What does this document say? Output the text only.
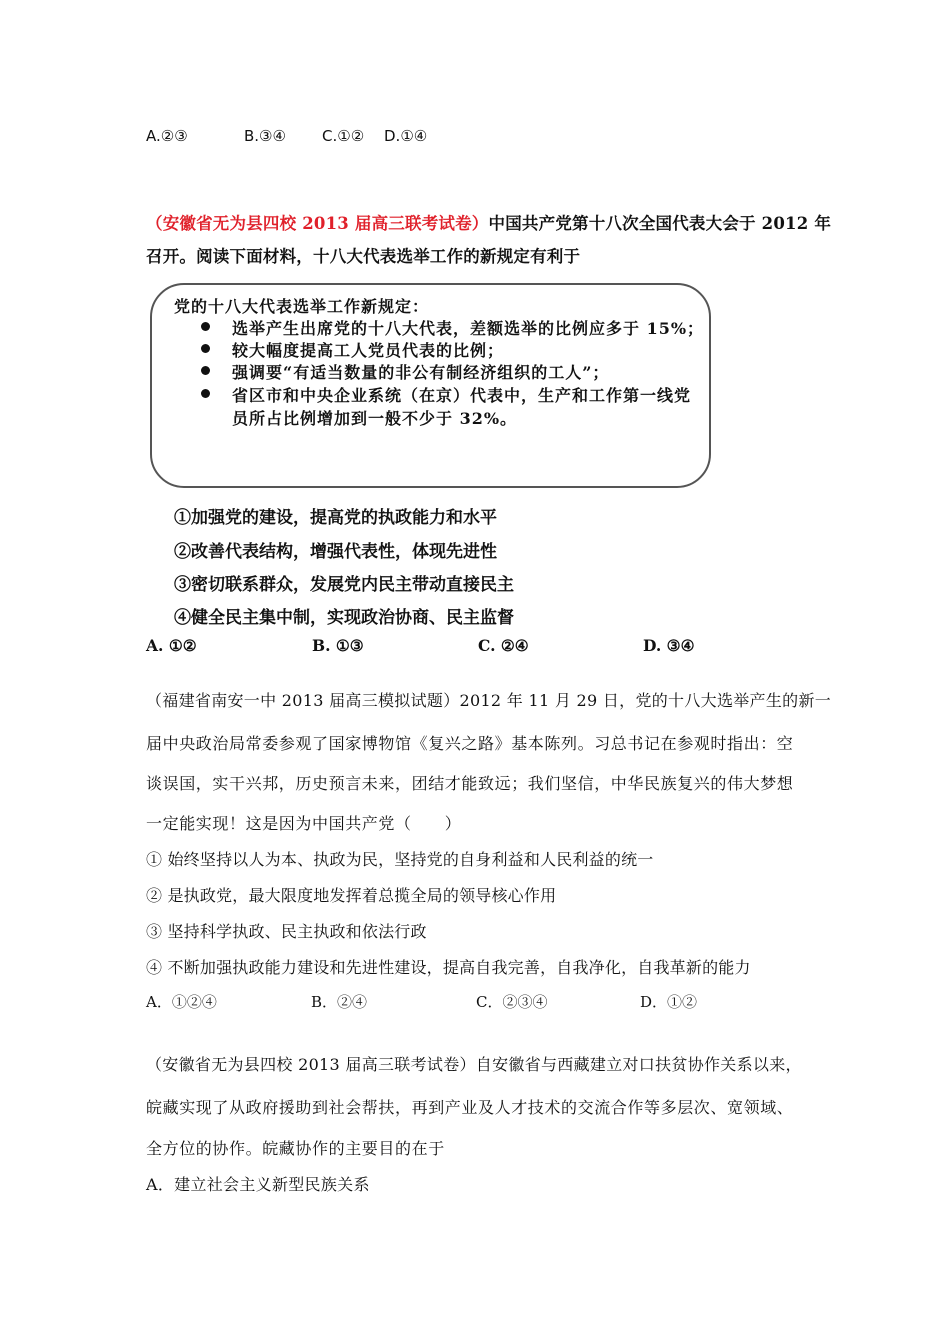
A.②③	B.③④ C.①② D.①④
（安徽省无为县四校 2013 届高三联考试卷）中国共产党第十八次全国代表大会于 2012 年
召开。阅读下面材料，十八大代表选举工作的新规定有利于
党的十八大代表选举工作新规定：
选举产生出席党的十八大代表，差额选举的比例应多于 15%；
较大幅度提高工人党员代表的比例；
强调要“有适当数量的非公有制经济组织的工人”；
省区市和中央企业系统（在京）代表中，生产和工作第一线党
员所占比例增加到一般不少于 32%。
①加强党的建设，提高党的执政能力和水平
②改善代表结构，增强代表性，体现先进性
③密切联系群众，发展党内民主带动直接民主
④健全民主集中制，实现政治协商、民主监督
A. ①②	B. ①③	C. ②④	D. ③④
（福建省南安一中 2013 届高三模拟试题）2012 年 11 月 29 日，党的十八大选举产生的新一
届中央政治局常委参观了国家博物馆《复兴之路》基本陈列。习总书记在参观时指出：空
谈误国，实干兴邦，历史预言未来，团结才能致远；我们坚信，中华民族复兴的伟大梦想
一定能实现！这是因为中国共产党（　　）
① 始终坚持以人为本、执政为民，坚持党的自身利益和人民利益的统一
② 是执政党，最大限度地发挥着总揽全局的领导核心作用
③ 坚持科学执政、民主执政和依法行政
④ 不断加强执政能力建设和先进性建设，提高自我完善，自我净化，自我革新的能力
A．①②④	B．②④	C．②③④	D．①②
（安徽省无为县四校 2013 届高三联考试卷）自安徽省与西藏建立对口扶贫协作关系以来，
皖藏实现了从政府援助到社会帮扶，再到产业及人才技术的交流合作等多层次、宽领域、
全方位的协作。皖藏协作的主要目的在于
A．建立社会主义新型民族关系
